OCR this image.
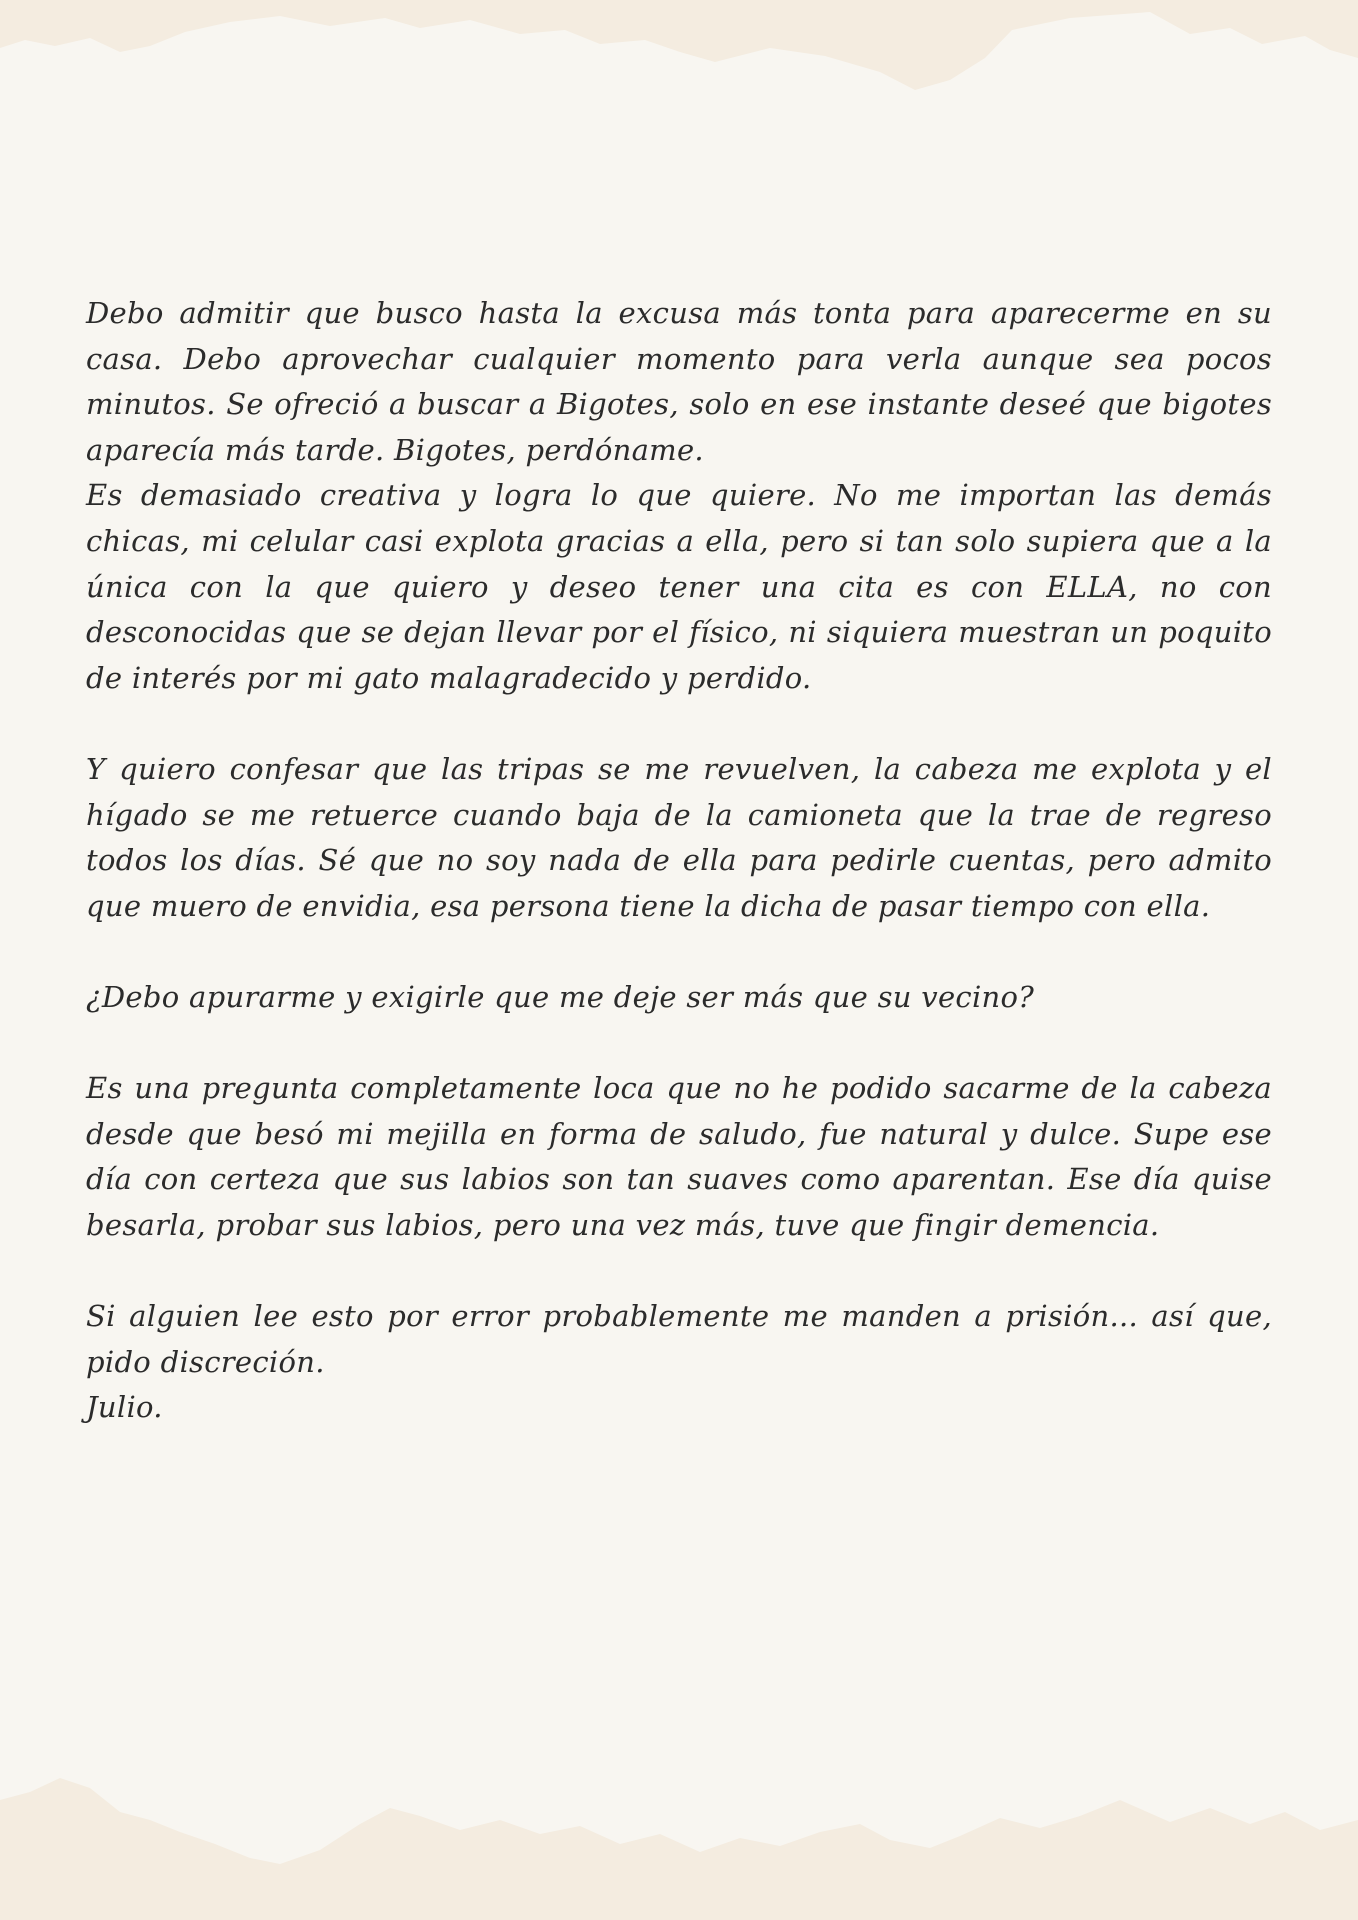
Debo admitir que busco hasta la excusa más tonta para aparecerme en su casa. Debo aprovechar cualquier momento para verla aunque sea pocos minutos. Se ofreció a buscar a Bigotes, solo en ese instante deseé que bigotes aparecía más tarde. Bigotes, perdóname.

Es demasiado creativa y logra lo que quiere. No me importan las demás chicas, mi celular casi explota gracias a ella, pero si tan solo supiera que a la única con la que quiero y deseo tener una cita es con ELLA, no con desconocidas que se dejan llevar por el físico, ni siquiera muestran un poquito de interés por mi gato malagradecido y perdido.

Y quiero confesar que las tripas se me revuelven, la cabeza me explota y el hígado se me retuerce cuando baja de la camioneta que la trae de regreso todos los días. Sé que no soy nada de ella para pedirle cuentas, pero admito que muero de envidia, esa persona tiene la dicha de pasar tiempo con ella.

¿Debo apurarme y exigirle que me deje ser más que su vecino?

Es una pregunta completamente loca que no he podido sacarme de la cabeza desde que besó mi mejilla en forma de saludo, fue natural y dulce. Supe ese día con certeza que sus labios son tan suaves como aparentan. Ese día quise besarla, probar sus labios, pero una vez más, tuve que fingir demencia.

Si alguien lee esto por error probablemente me manden a prisión... así que, pido discreción.

Julio.
